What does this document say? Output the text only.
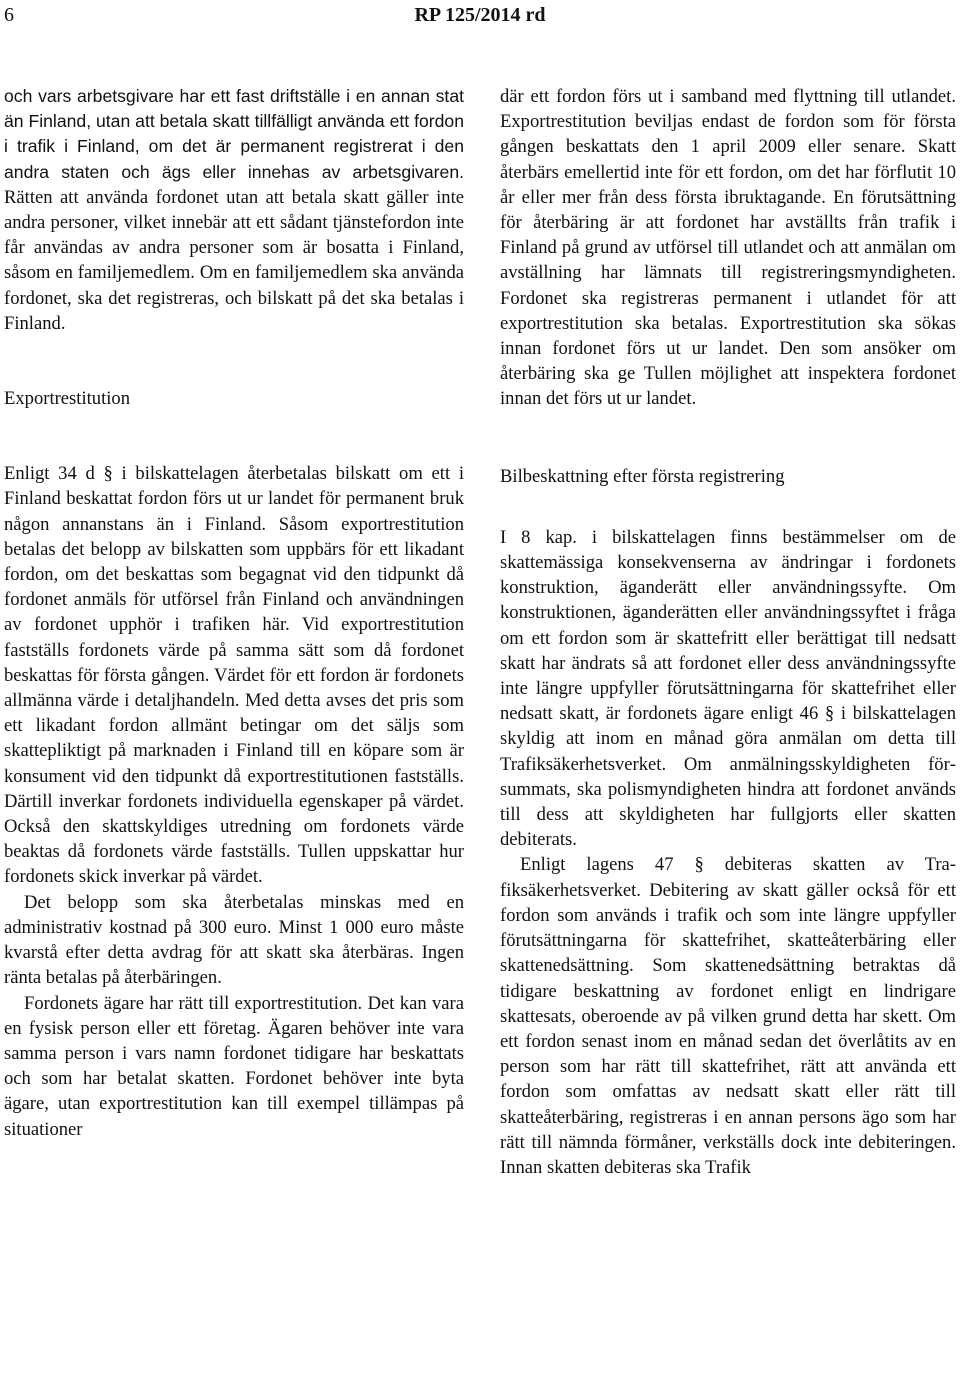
6	RP 125/2014 rd

och vars arbetsgivare har ett fast driftställe i en annan stat än Finland, utan att betala skatt tillfälligt använda ett fordon i trafik i Finland, om det är permanent registrerat i den andra staten och ägs eller innehas av arbetsgivaren. Rätten att använda fordonet utan att betala skatt gäller inte andra personer, vilket innebär att ett sådant tjänstefordon inte får användas av andra personer som är bosatta i Finland, såsom en familjemedlem. Om en familjemedlem ska använda fordonet, ska det registreras, och bilskatt på det ska betalas i Finland.

Exportrestitution

Enligt 34 d § i bilskattelagen återbetalas bilskatt om ett i Finland beskattat fordon förs ut ur landet för permanent bruk någon annanstans än i Finland. Såsom exportrestitution betalas det belopp av bilskatten som uppbärs för ett likadant fordon, om det beskattas som begagnat vid den tidpunkt då fordonet anmäls för utförsel från Finland och användningen av fordonet upphör i trafiken här. Vid exportrestitution fastställs fordonets värde på samma sätt som då fordonet beskattas för första gången. Värdet för ett fordon är fordonets allmänna värde i detaljhandeln. Med detta avses det pris som ett likadant fordon allmänt betingar om det säljs som skattepliktigt på marknaden i Finland till en köpare som är konsument vid den tidpunkt då exportrestitutionen fastställs. Därtill inverkar fordonets individuella egenskaper på värdet. Också den skattskyldiges utredning om fordonets värde beaktas då fordonets värde fastställs. Tullen uppskattar hur fordonets skick inverkar på värdet.

Det belopp som ska återbetalas minskas med en administrativ kostnad på 300 euro. Minst 1 000 euro måste kvarstå efter detta avdrag för att skatt ska återbäras. Ingen ränta betalas på återbäringen.

Fordonets ägare har rätt till exportrestitution. Det kan vara en fysisk person eller ett företag. Ägaren behöver inte vara samma person i vars namn fordonet tidigare har beskattats och som har betalat skatten. Fordonet behöver inte byta ägare, utan exportrestitution kan till exempel tillämpas på situationer

där ett fordon förs ut i samband med flyttning till utlandet. Exportrestitution beviljas endast de fordon som för första gången beskattats den 1 april 2009 eller senare. Skatt återbärs emellertid inte för ett fordon, om det har förflutit 10 år eller mer från dess första ibruktagande. En förutsättning för återbäring är att fordonet har avställts från trafik i Finland på grund av utförsel till utlandet och att anmälan om avställning har lämnats till registreringsmyndigheten. Fordonet ska registreras permanent i utlandet för att exportrestitution ska betalas. Exportrestitution ska sökas innan fordonet förs ut ur landet. Den som ansöker om återbäring ska ge Tullen möjlighet att inspektera fordonet innan det förs ut ur landet.

Bilbeskattning efter första registrering

I 8 kap. i bilskattelagen finns bestämmelser om de skattemässiga konsekvenserna av ändringar i fordonets konstruktion, äganderätt eller användningssyfte. Om konstruktionen, äganderätten eller användningssyftet i fråga om ett fordon som är skattefritt eller berättigat till nedsatt skatt har ändrats så att fordonet eller dess användningssyfte inte längre uppfyller förutsättningarna för skattefrihet eller nedsatt skatt, är fordonets ägare enligt 46 § i bilskattelagen skyldig att inom en månad göra anmälan om detta till Trafiksäkerhetsverket. Om anmälningsskyldigheten försummats, ska polismyndigheten hindra att fordonet används till dess att skyldigheten har fullgjorts eller skatten debiterats.

Enligt lagens 47 § debiteras skatten av Trafiksäkerhetsverket. Debitering av skatt gäller också för ett fordon som används i trafik och som inte längre uppfyller förutsättningarna för skattefrihet, skatteåterbäring eller skattenedsättning. Som skattenedsättning betraktas då tidigare beskattning av fordonet enligt en lindrigare skattesats, oberoende av på vilken grund detta har skett. Om ett fordon senast inom en månad sedan det överlåtits av en person som har rätt till skattefrihet, rätt att använda ett fordon som omfattas av nedsatt skatt eller rätt till skatteåterbäring, registreras i en annan persons ägo som har rätt till nämnda förmåner, verkställs dock inte debiteringen. Innan skatten debiteras ska Trafik
